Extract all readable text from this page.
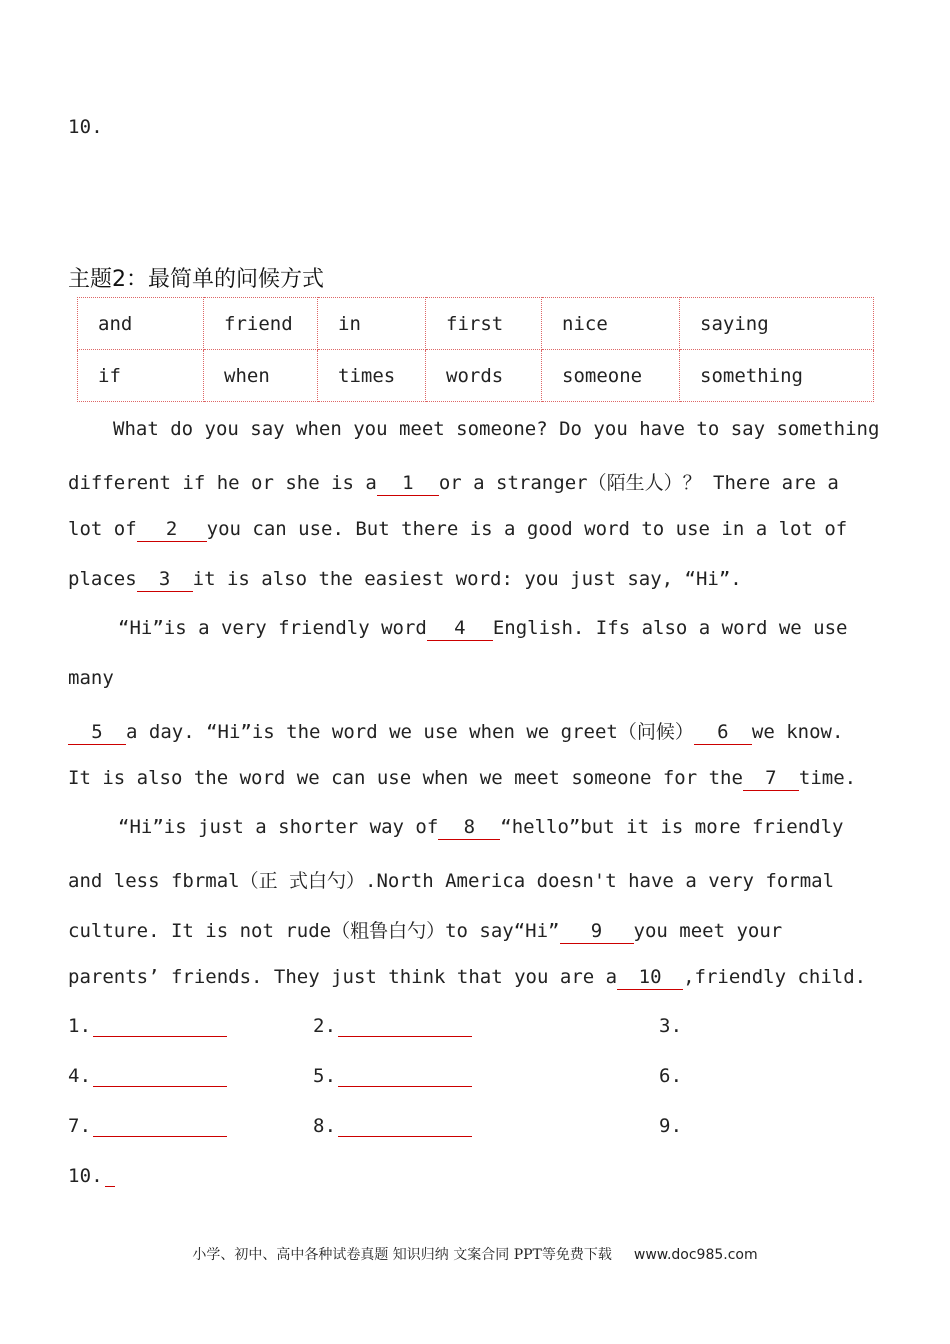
10.
主题2：最简单的问候方式
and	friend	in	first	nice	saying
if	when	times	words	someone	something
What do you say when you meet someone? Do you have to say something
different if he or she is a 1 or a stranger（陌生人）？ There are a
lot of 2 you can use. But there is a good word to use in a lot of
places 3 it is also the easiest word: you just say, “Hi”.
“Hi”is a very friendly word 4 English. Ifs also a word we use
many
5 a day. “Hi”is the word we use when we greet（问候） 6 we know.
It is also the word we can use when we meet someone for the 7 time.
“Hi”is just a shorter way of 8 “hello”but it is more friendly
and less fbrmal（正 式白勺）.North America doesn't have a very formal
culture. It is not rude（粗鲁白勺）to say“Hi” 9 you meet your
parents’ friends. They just think that you are a 10 ,friendly child.
1.	2.	3.
4.	5.	6.
7.	8.	9.
10.
小学、初中、高中各种试卷真题 知识归纳 文案合同 PPT等免费下载 www.doc985.com
